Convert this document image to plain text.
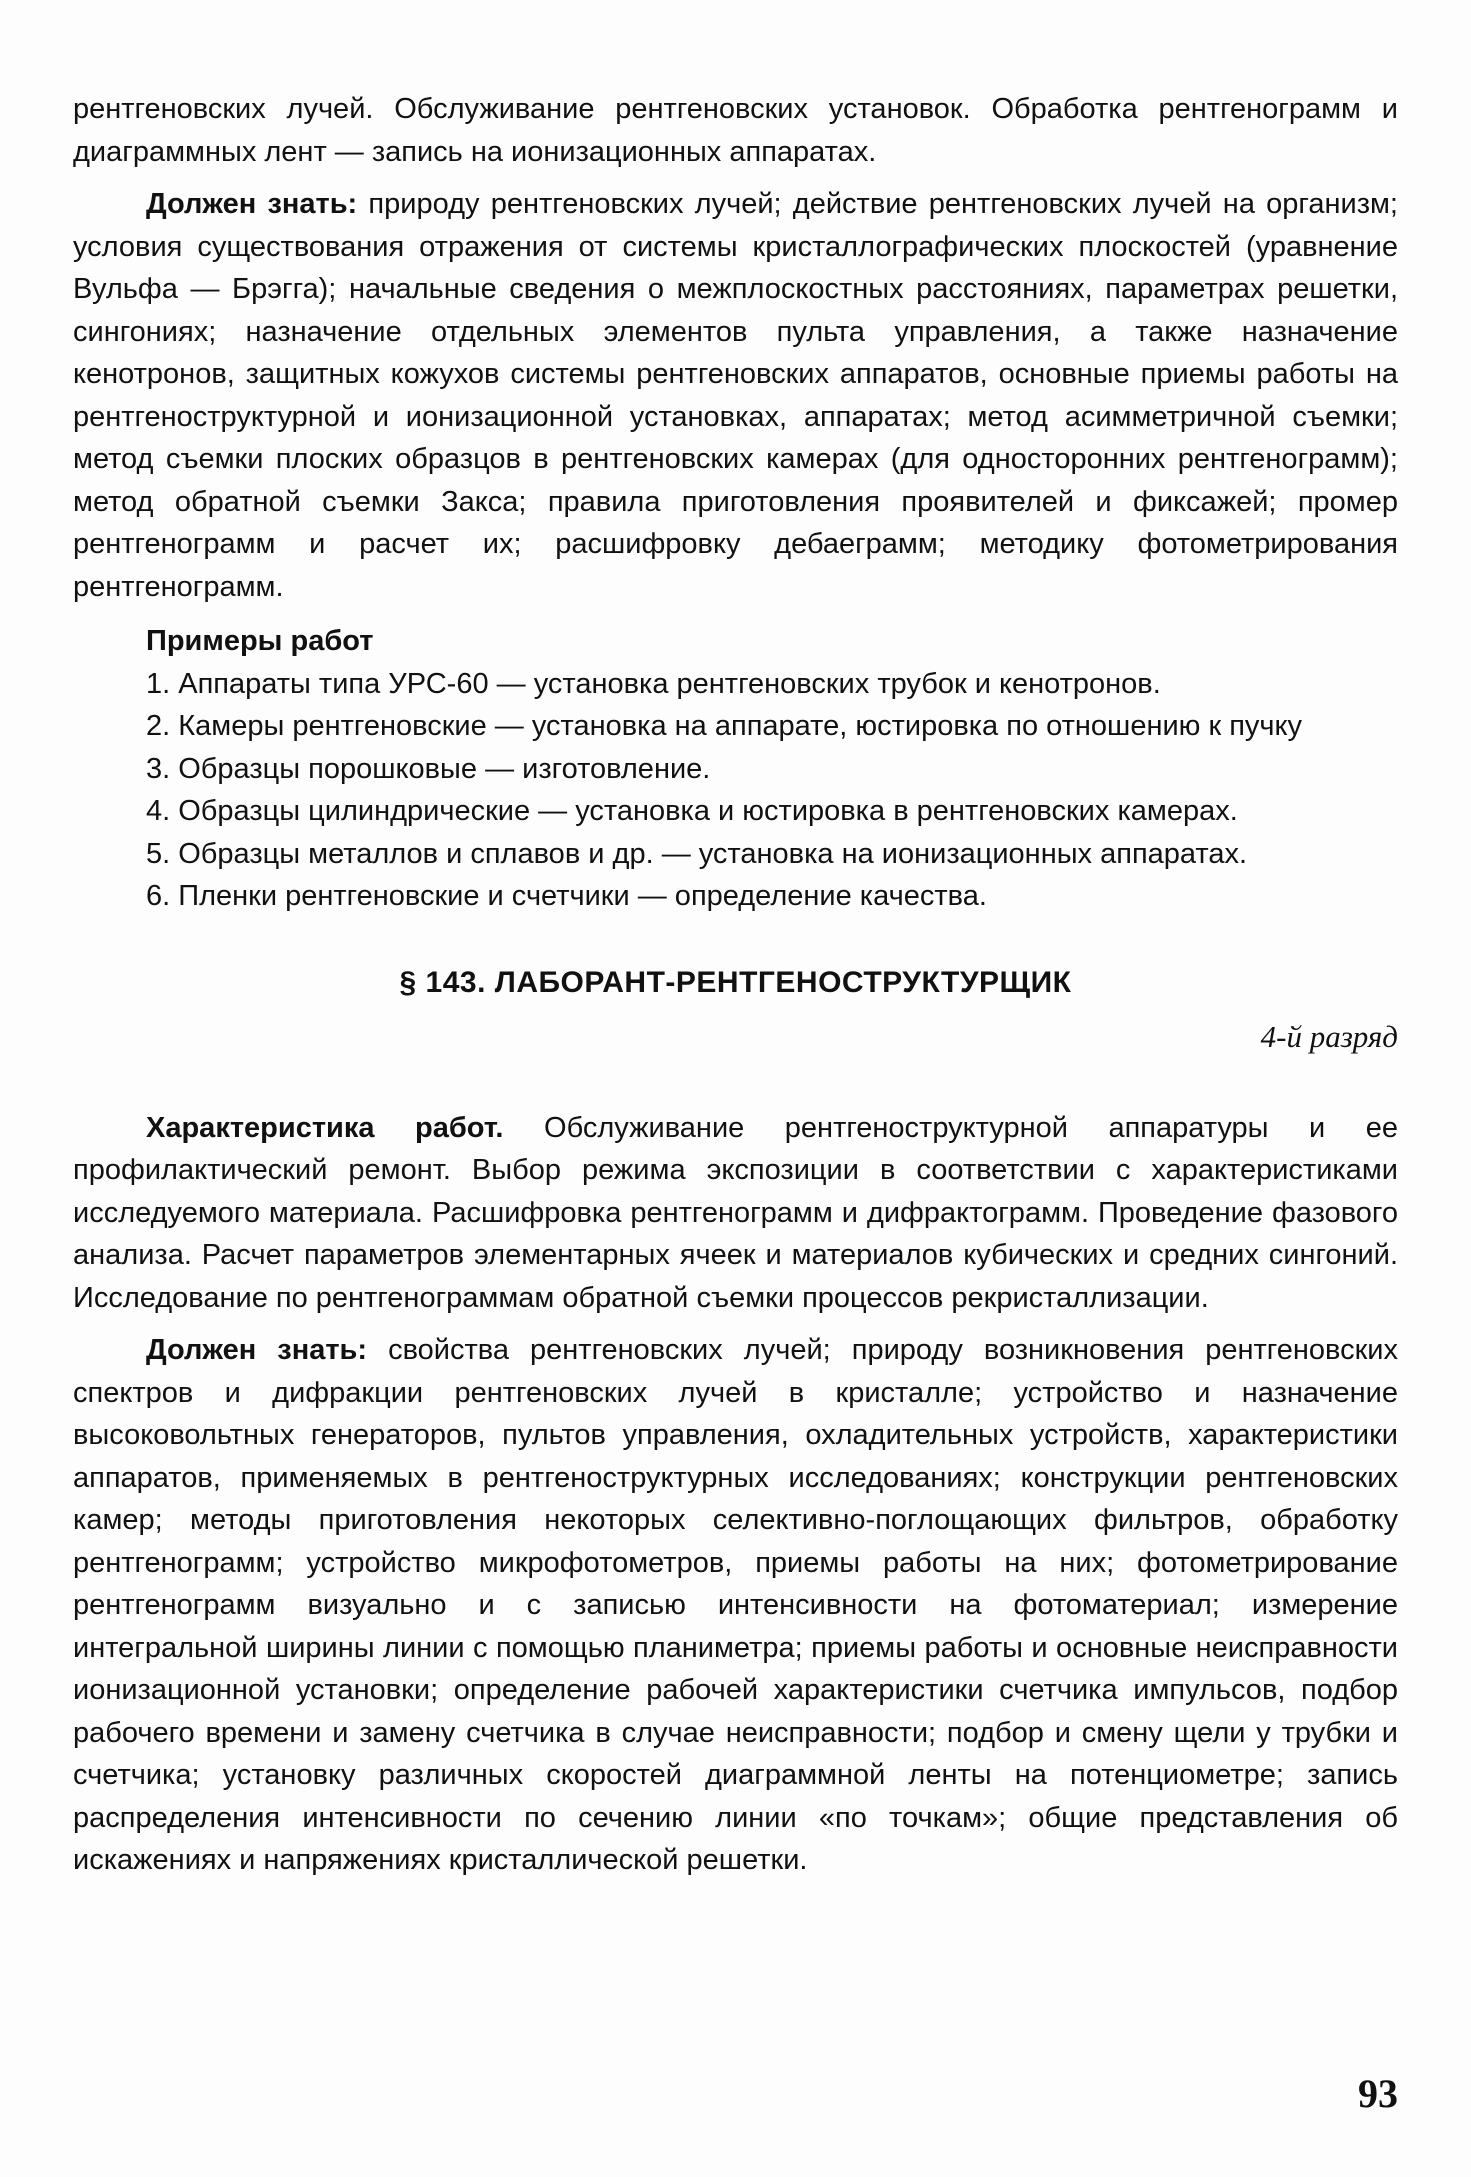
рентгеновских лучей. Обслуживание рентгеновских установок. Обработка рентгенограмм и диаграммных лент — запись на ионизационных аппаратах.

Должен знать: природу рентгеновских лучей; действие рентгеновских лучей на организм; условия существования отражения от системы кристаллографических плоскостей (уравнение Вульфа — Брэгга); начальные сведения о межплоскостных расстояниях, параметрах решетки, сингониях; назначение отдельных элементов пульта управления, а также назначение кенотронов, защитных кожухов системы рентгеновских аппаратов, основные приемы работы на рентгеноструктурной и ионизационной установках, аппаратах; метод асимметричной съемки; метод съемки плоских образцов в рентгеновских камерах (для односторонних рентгенограмм); метод обратной съемки Закса; правила приготовления проявителей и фиксажей; промер рентгенограмм и расчет их; расшифровку дебаеграмм; методику фотометрирования рентгенограмм.

Примеры работ

1. Аппараты типа УРС-60 — установка рентгеновских трубок и кенотронов.

2. Камеры рентгеновские — установка на аппарате, юстировка по отношению к пучку

3. Образцы порошковые — изготовление.

4. Образцы цилиндрические — установка и юстировка в рентгеновских камерах.

5. Образцы металлов и сплавов и др. — установка на ионизационных аппаратах.

6. Пленки рентгеновские и счетчики — определение качества.

§ 143. ЛАБОРАНТ-РЕНТГЕНОСТРУКТУРЩИК

4-й разряд

Характеристика работ. Обслуживание рентгеноструктурной аппаратуры и ее профилактический ремонт. Выбор режима экспозиции в соответствии с характеристиками исследуемого материала. Расшифровка рентгенограмм и дифрактограмм. Проведение фазового анализа. Расчет параметров элементарных ячеек и материалов кубических и средних сингоний. Исследование по рентгенограммам обратной съемки процессов рекристаллизации.

Должен знать: свойства рентгеновских лучей; природу возникновения рентгеновских спектров и дифракции рентгеновских лучей в кристалле; устройство и назначение высоковольтных генераторов, пультов управления, охладительных устройств, характеристики аппаратов, применяемых в рентгеноструктурных исследованиях; конструкции рентгеновских камер; методы приготовления некоторых селективно-поглощающих фильтров, обработку рентгенограмм; устройство микрофотометров, приемы работы на них; фотометрирование рентгенограмм визуально и с записью интенсивности на фотоматериал; измерение интегральной ширины линии с помощью планиметра; приемы работы и основные неисправности ионизационной установки; определение рабочей характеристики счетчика импульсов, подбор рабочего времени и замену счетчика в случае неисправности; подбор и смену щели у трубки и счетчика; установку различных скоростей диаграммной ленты на потенциометре; запись распределения интенсивности по сечению линии «по точкам»; общие представления об искажениях и напряжениях кристаллической решетки.

93
